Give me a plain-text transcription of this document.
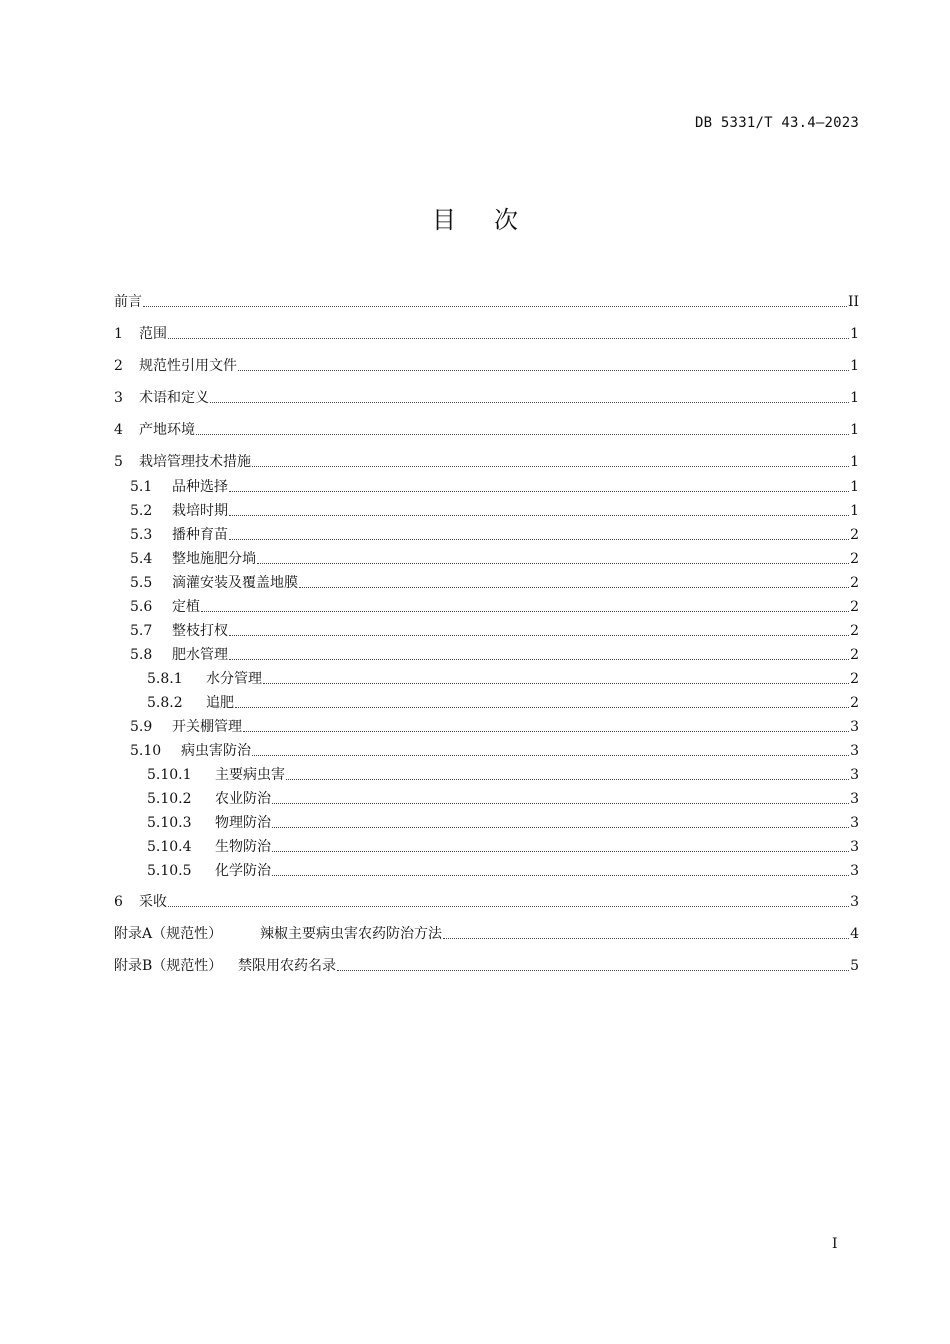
DB 5331/T 43.4—2023
目次
前言	II
1 范围	1
2 规范性引用文件	1
3 术语和定义	1
4 产地环境	1
5 栽培管理技术措施	1
5.1 品种选择	1
5.2 栽培时期	1
5.3 播种育苗	2
5.4 整地施肥分埫	2
5.5 滴灌安装及覆盖地膜	2
5.6 定植	2
5.7 整枝打杈	2
5.8 肥水管理	2
5.8.1 水分管理	2
5.8.2 追肥	2
5.9 开关棚管理	3
5.10 病虫害防治	3
5.10.1 主要病虫害	3
5.10.2 农业防治	3
5.10.3 物理防治	3
5.10.4 生物防治	3
5.10.5 化学防治	3
6 采收	3
附录A（规范性）	辣椒主要病虫害农药防治方法	4
附录B（规范性） 禁限用农药名录	5
I
